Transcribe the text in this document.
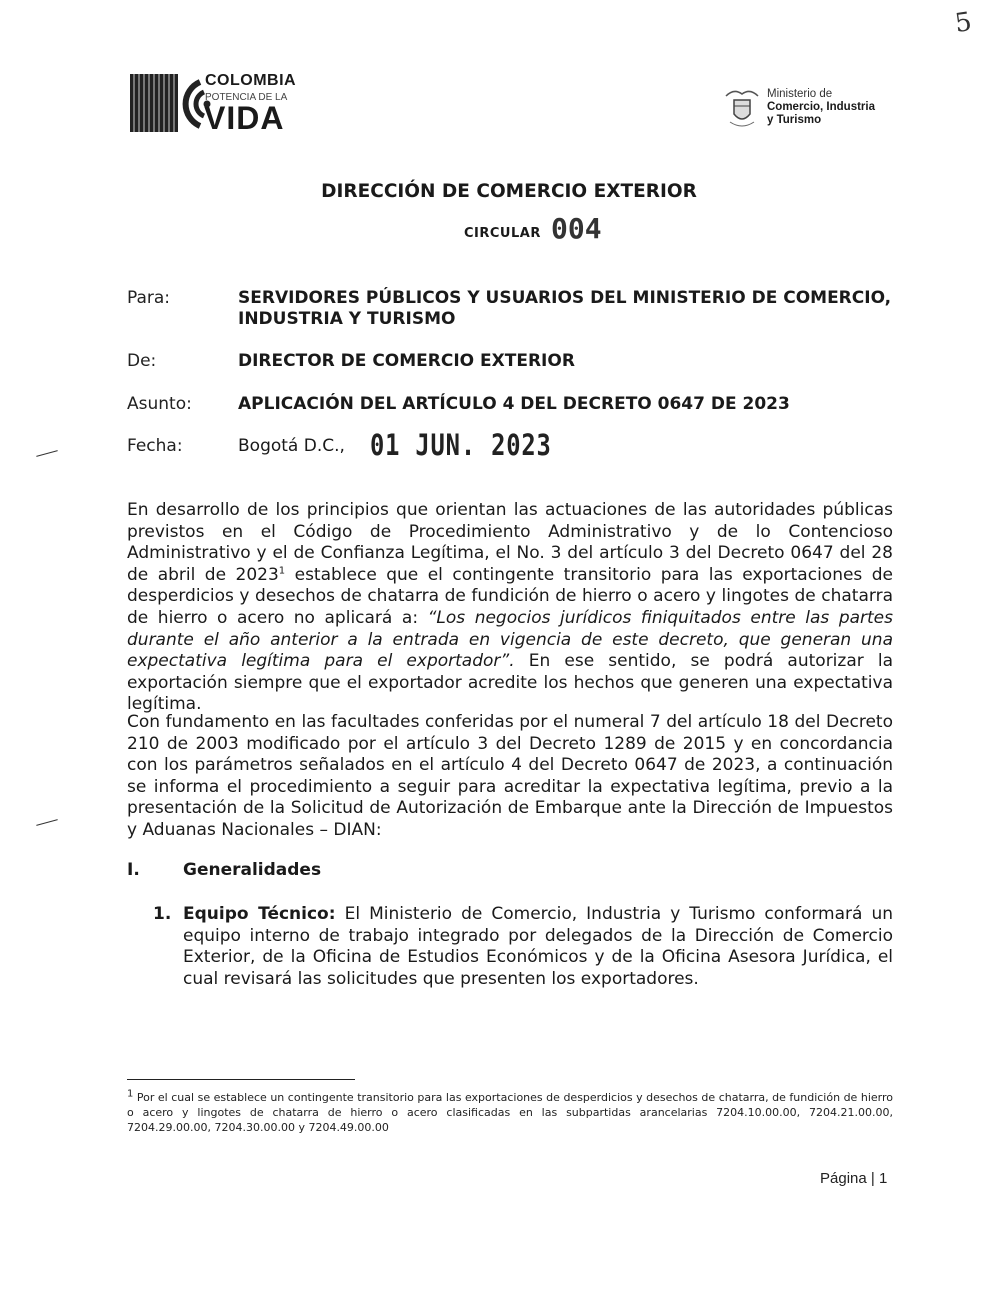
5
COLOMBIA
POTENCIA DE LA
VIDA
Ministerio de
Comercio, Industria
y Turismo
DIRECCIÓN DE COMERCIO EXTERIOR
CIRCULAR 004
Para:	SERVIDORES PÚBLICOS Y USUARIOS DEL MINISTERIO DE COMERCIO,
INDUSTRIA Y TURISMO
De:	DIRECTOR DE COMERCIO EXTERIOR
Asunto:	APLICACIÓN DEL ARTÍCULO 4 DEL DECRETO 0647 DE 2023
Fecha:	Bogotá D.C., 01 JUN. 2023
En desarrollo de los principios que orientan las actuaciones de las autoridades públicas previstos en el Código de Procedimiento Administrativo y de lo Contencioso Administrativo y el de Confianza Legítima, el No. 3 del artículo 3 del Decreto 0647 del 28 de abril de 2023$^1$ establece que el contingente transitorio para las exportaciones de desperdicios y desechos de chatarra de fundición de hierro o acero y lingotes de chatarra de hierro o acero no aplicará a: “Los negocios jurídicos finiquitados entre las partes durante el año anterior a la entrada en vigencia de este decreto, que generan una expectativa legítima para el exportador”. En ese sentido, se podrá autorizar la exportación siempre que el exportador acredite los hechos que generen una expectativa legítima.
Con fundamento en las facultades conferidas por el numeral 7 del artículo 18 del Decreto 210 de 2003 modificado por el artículo 3 del Decreto 1289 de 2015 y en concordancia con los parámetros señalados en el artículo 4 del Decreto 0647 de 2023, a continuación se informa el procedimiento a seguir para acreditar la expectativa legítima, previo a la presentación de la Solicitud de Autorización de Embarque ante la Dirección de Impuestos y Aduanas Nacionales – DIAN:
I.	Generalidades
1. Equipo Técnico: El Ministerio de Comercio, Industria y Turismo conformará un equipo interno de trabajo integrado por delegados de la Dirección de Comercio Exterior, de la Oficina de Estudios Económicos y de la Oficina Asesora Jurídica, el cual revisará las solicitudes que presenten los exportadores.
1 Por el cual se establece un contingente transitorio para las exportaciones de desperdicios y desechos de chatarra, de fundición de hierro o acero y lingotes de chatarra de hierro o acero clasificadas en las subpartidas arancelarias 7204.10.00.00, 7204.21.00.00, 7204.29.00.00, 7204.30.00.00 y 7204.49.00.00
Página | 1
